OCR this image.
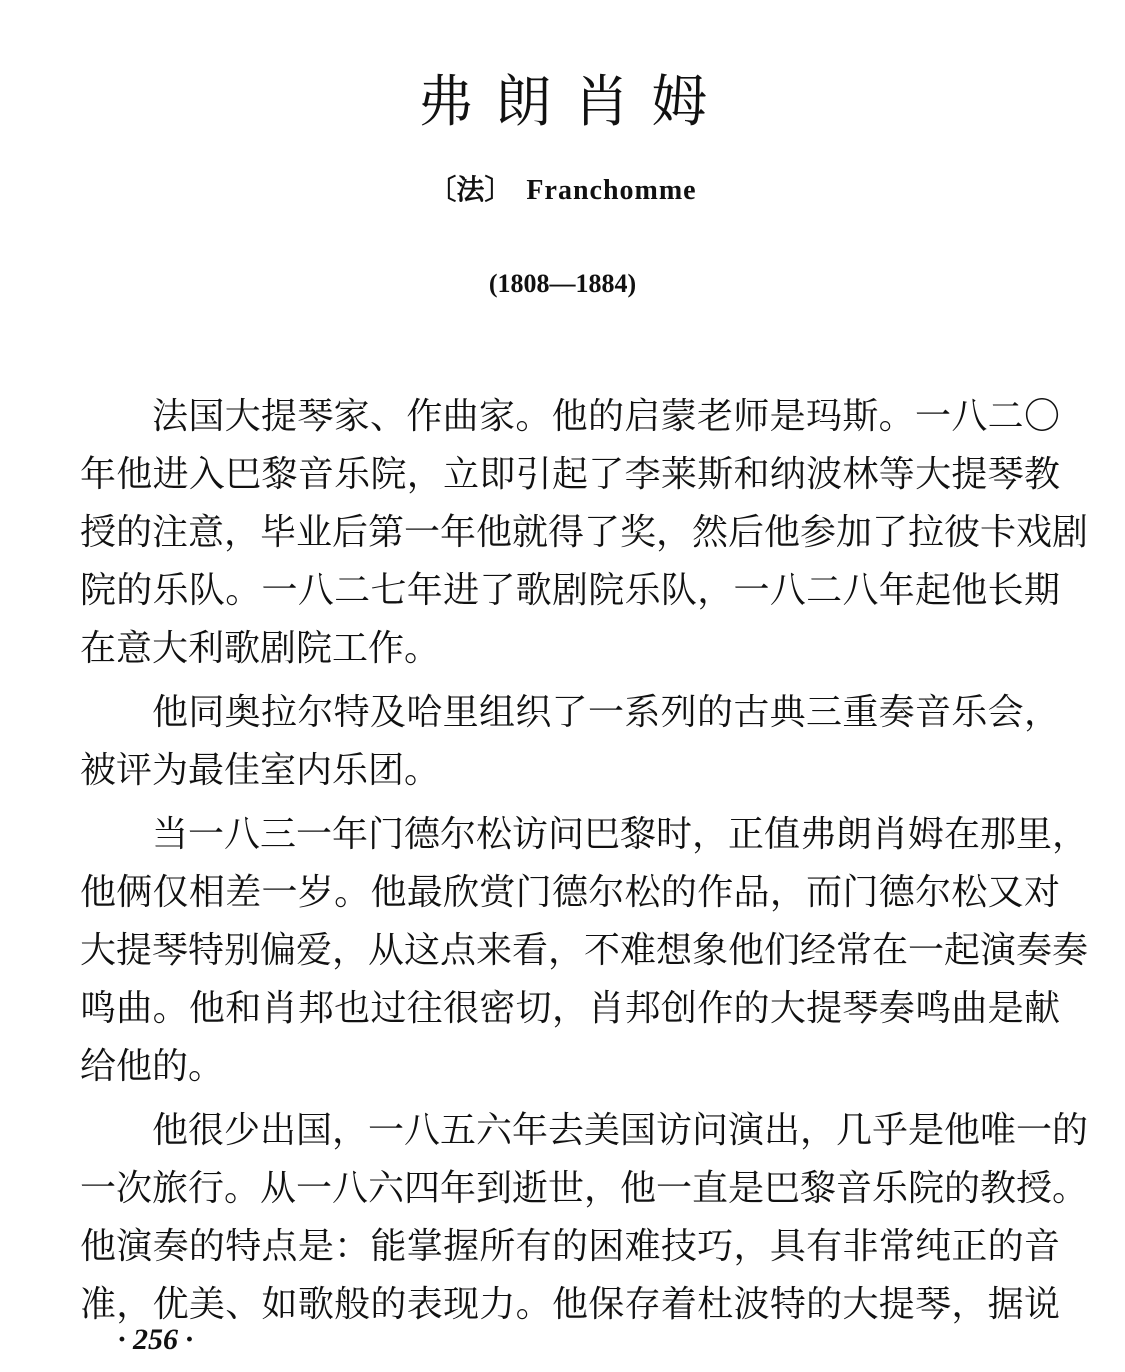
弗朗肖姆
〔法〕 Franchomme
(1808—1884)
法国大提琴家、作曲家。他的启蒙老师是玛斯。一八二〇
年他进入巴黎音乐院，立即引起了李莱斯和纳波林等大提琴教
授的注意，毕业后第一年他就得了奖，然后他参加了拉彼卡戏剧
院的乐队。一八二七年进了歌剧院乐队，一八二八年起他长期
在意大利歌剧院工作。
他同奥拉尔特及哈里组织了一系列的古典三重奏音乐会，
被评为最佳室内乐团。
当一八三一年门德尔松访问巴黎时，正值弗朗肖姆在那里，
他俩仅相差一岁。他最欣赏门德尔松的作品，而门德尔松又对
大提琴特别偏爱，从这点来看，不难想象他们经常在一起演奏奏
鸣曲。他和肖邦也过往很密切，肖邦创作的大提琴奏鸣曲是献
给他的。
他很少出国，一八五六年去美国访问演出，几乎是他唯一的
一次旅行。从一八六四年到逝世，他一直是巴黎音乐院的教授。
他演奏的特点是：能掌握所有的困难技巧，具有非常纯正的音
准，优美、如歌般的表现力。他保存着杜波特的大提琴，据说
· 256 ·
